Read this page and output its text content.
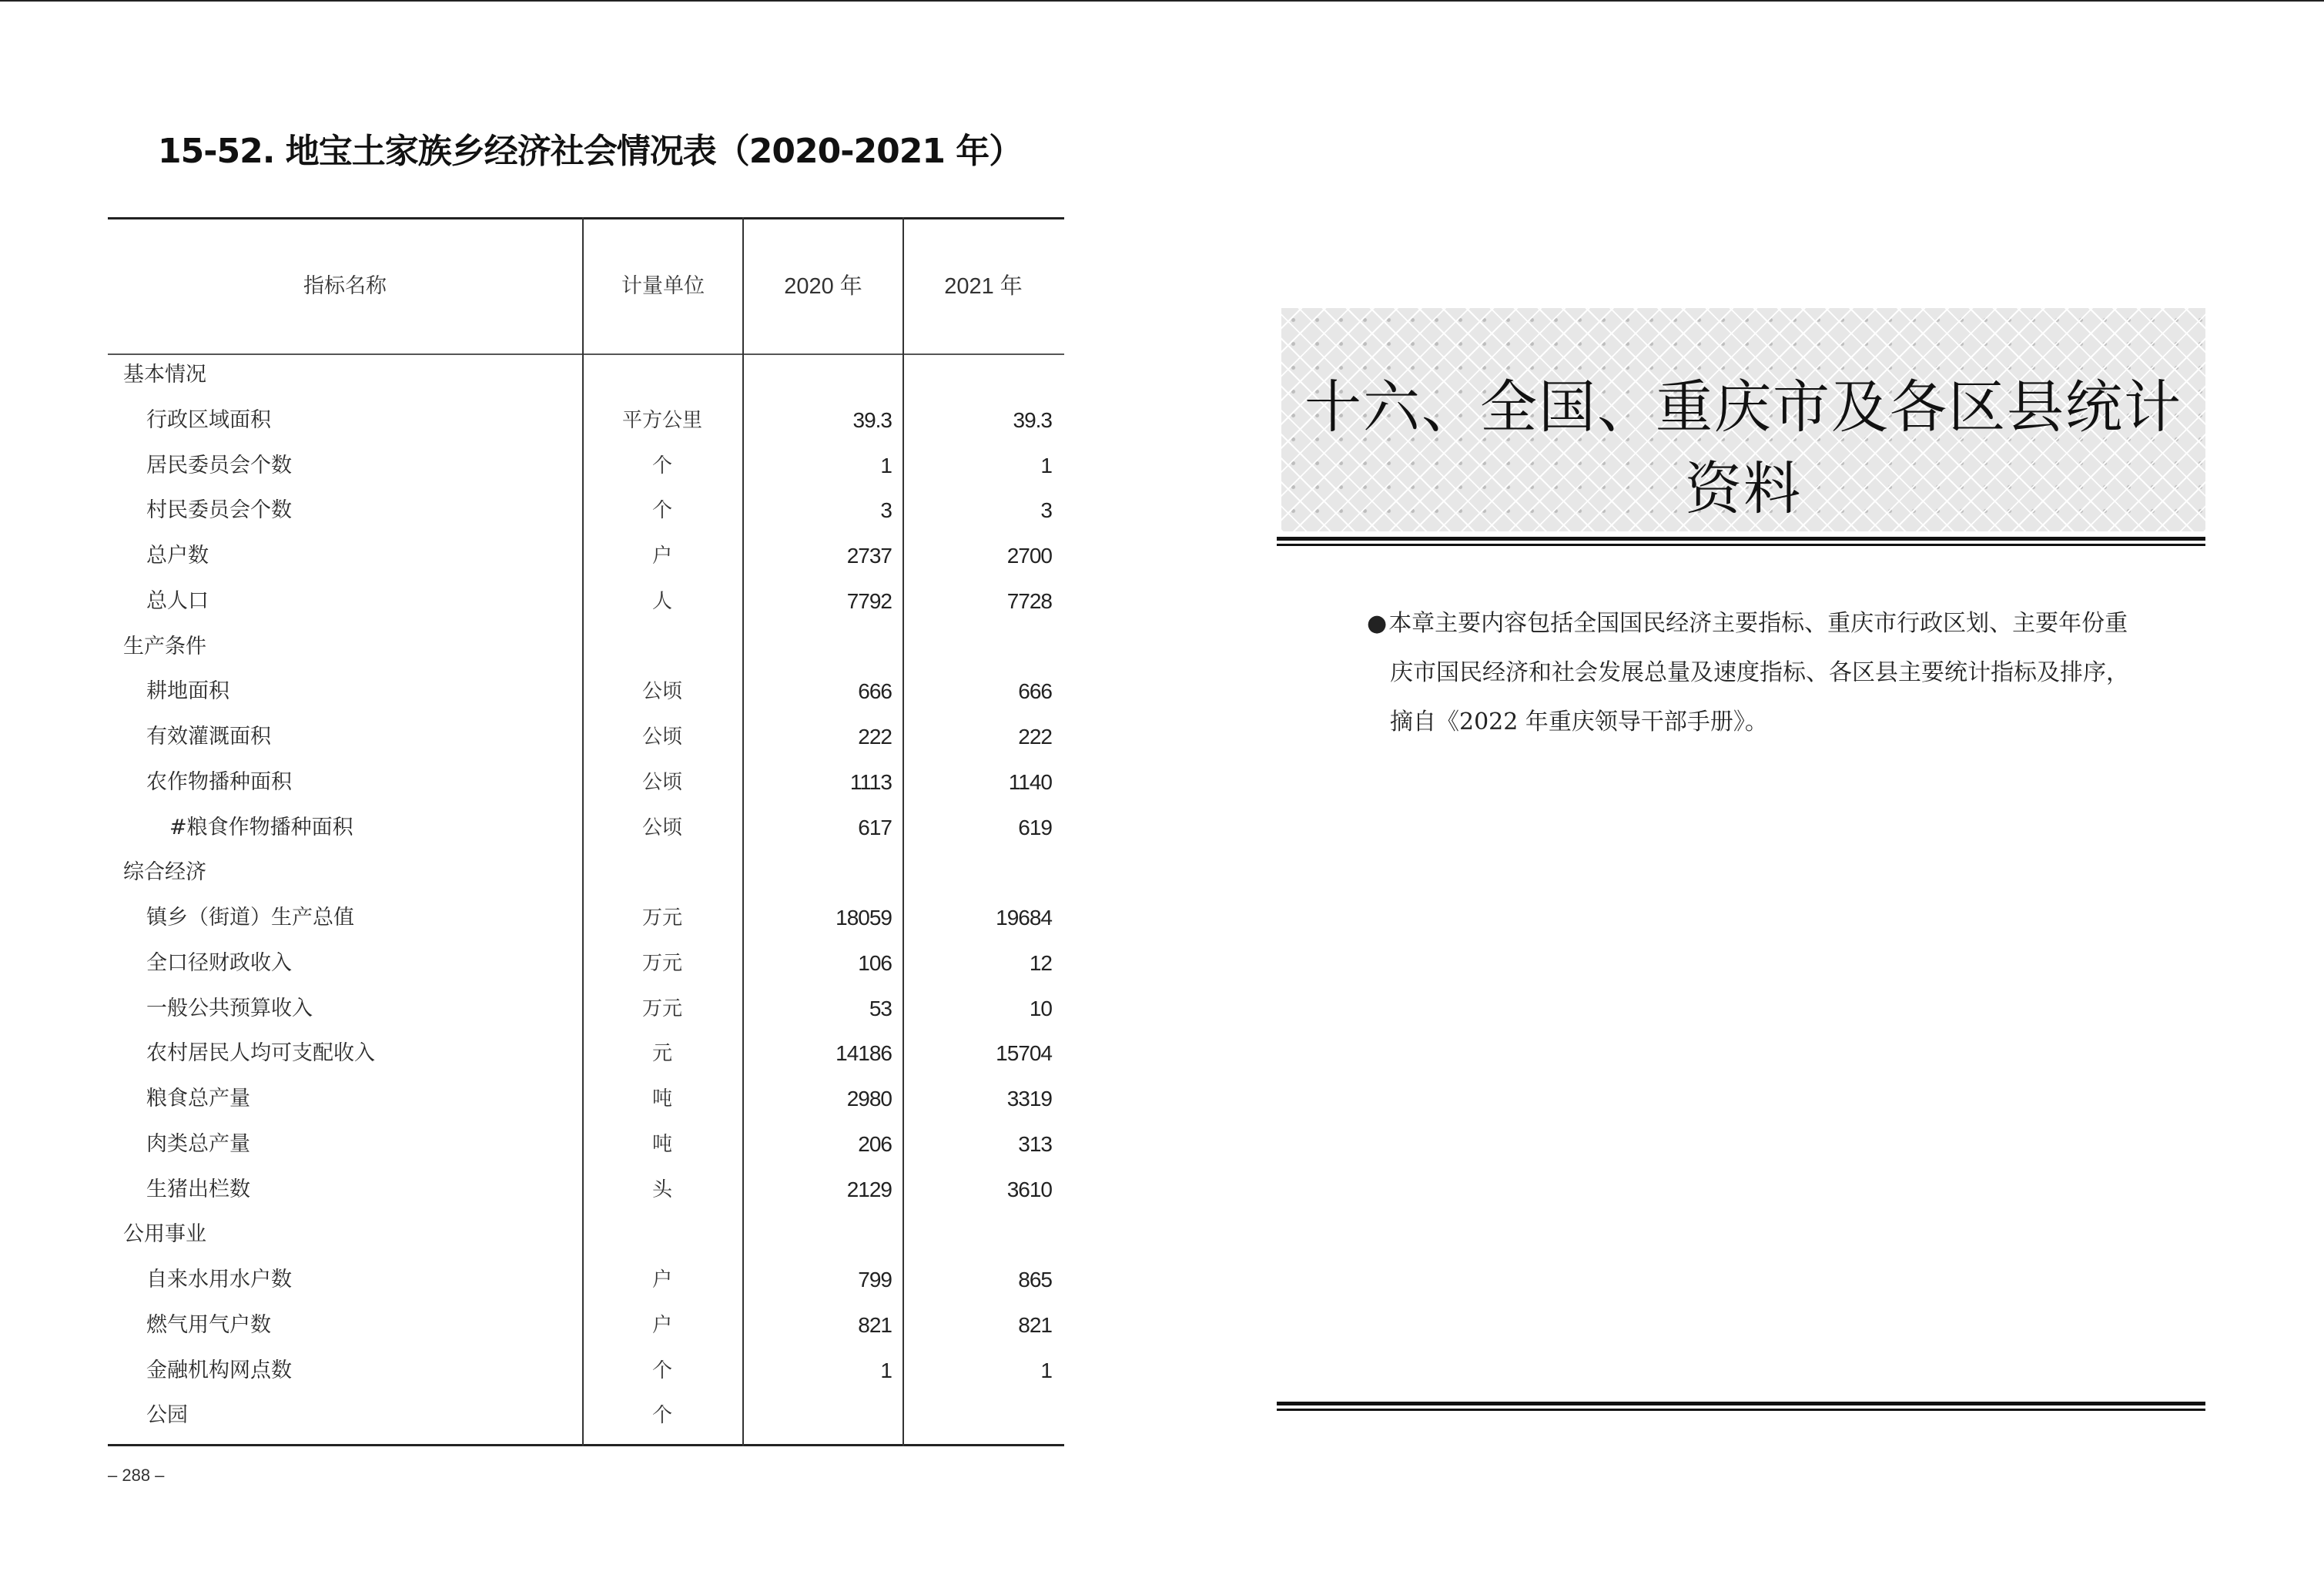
15-52. 地宝土家族乡经济社会情况表（2020-2021 年）
指标名称	计量单位	2020 年	2021 年
基本情况
行政区域面积	平方公里	39.3	39.3
居民委员会个数	个	1	1
村民委员会个数	个	3	3
总户数	户	2737	2700
总人口	人	7792	7728
生产条件
耕地面积	公顷	666	666
有效灌溉面积	公顷	222	222
农作物播种面积	公顷	1113	1140
#粮食作物播种面积	公顷	617	619
综合经济
镇乡（街道）生产总值	万元	18059	19684
全口径财政收入	万元	106	12
一般公共预算收入	万元	53	10
农村居民人均可支配收入	元	14186	15704
粮食总产量	吨	2980	3319
肉类总产量	吨	206	313
生猪出栏数	头	2129	3610
公用事业
自来水用水户数	户	799	865
燃气用气户数	户	821	821
金融机构网点数	个	1	1
公园	个
– 288 –
十六、全国、重庆市及各区县统计资料
●本章主要内容包括全国国民经济主要指标、重庆市行政区划、主要年份重
庆市国民经济和社会发展总量及速度指标、各区县主要统计指标及排序，
摘自《2022 年重庆领导干部手册》。
